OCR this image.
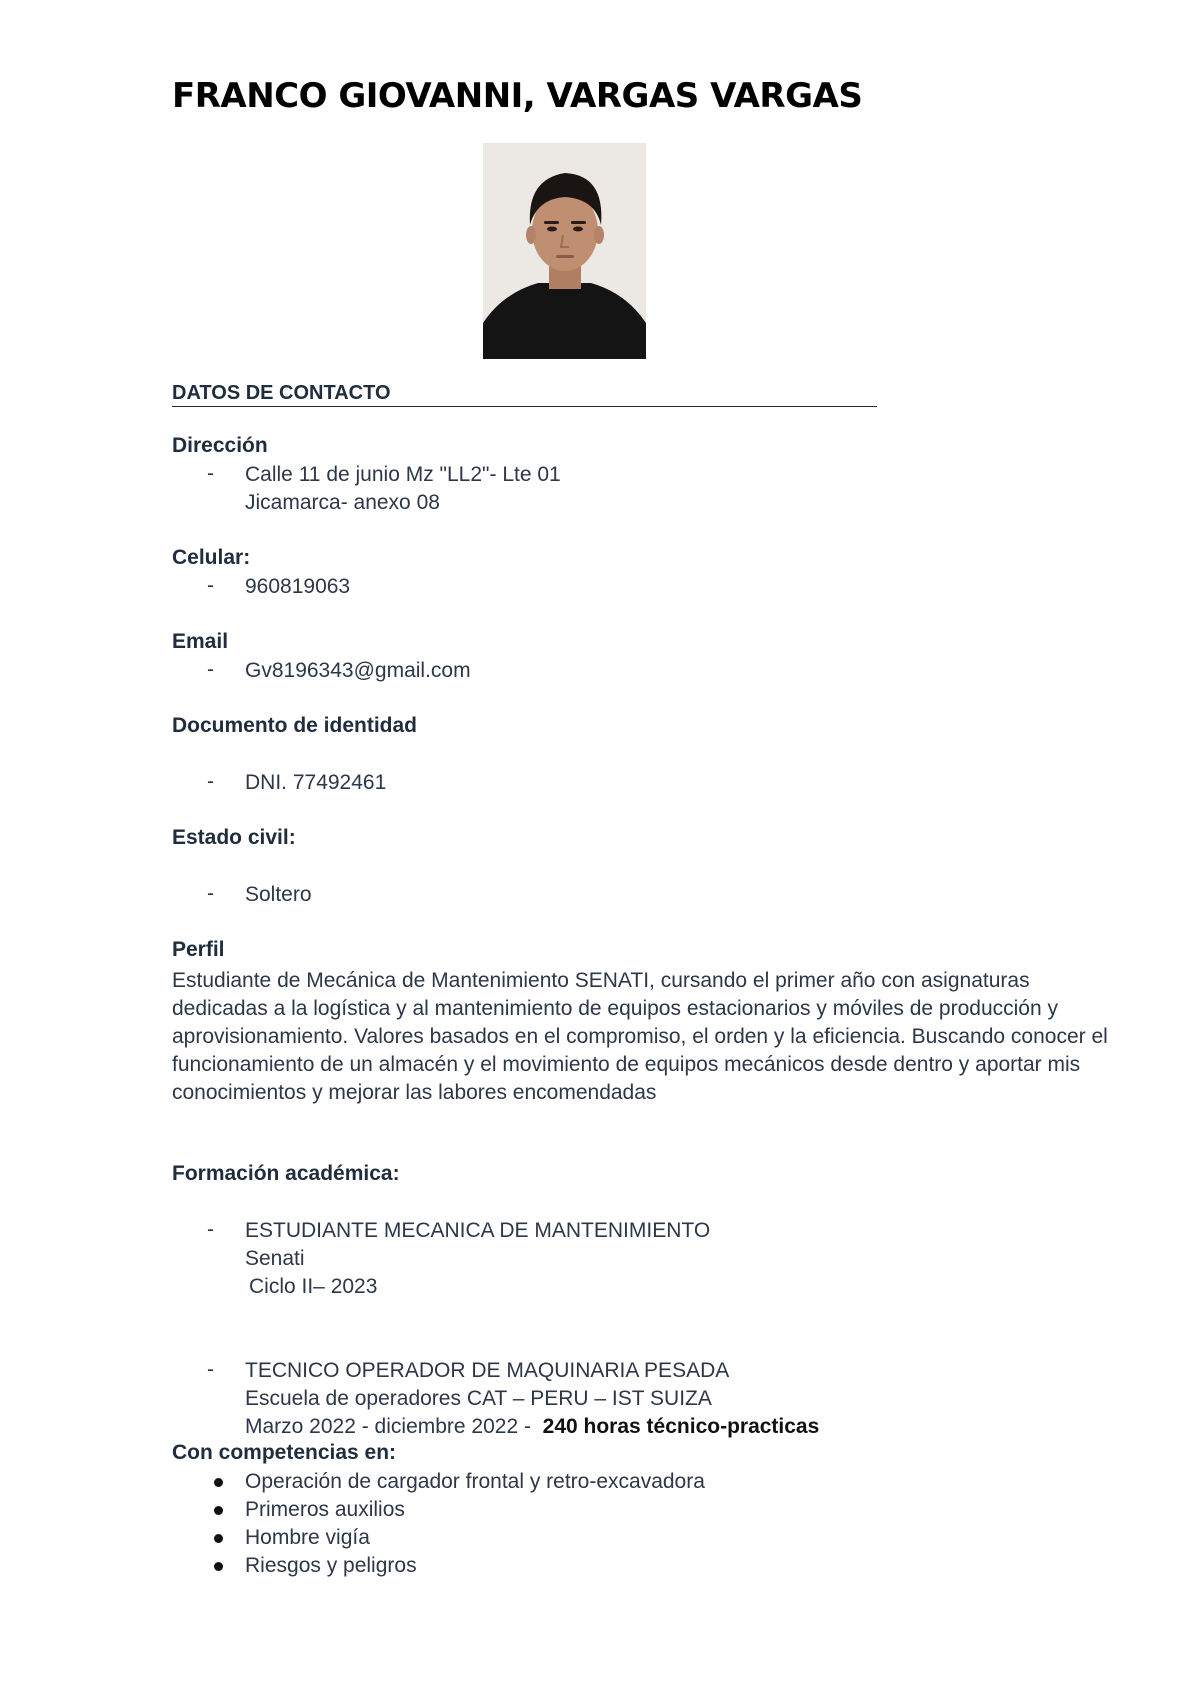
FRANCO GIOVANNI, VARGAS VARGAS
DATOS DE CONTACTO
Dirección
- Calle 11 de junio Mz "LL2"- Lte 01
Jicamarca- anexo 08
Celular:
- 960819063
Email
- Gv8196343@gmail.com
Documento de identidad
- DNI. 77492461
Estado civil:
- Soltero
Perfil

Estudiante de Mecánica de Mantenimiento SENATI, cursando el primer año con asignaturas dedicadas a la logística y al mantenimiento de equipos estacionarios y móviles de producción y aprovisionamiento. Valores basados en el compromiso, el orden y la eficiencia. Buscando conocer el funcionamiento de un almacén y el movimiento de equipos mecánicos desde dentro y aportar mis conocimientos y mejorar las labores encomendadas

Formación académica:
- ESTUDIANTE MECANICA DE MANTENIMIENTO
Senati
Ciclo II– 2023
- TECNICO OPERADOR DE MAQUINARIA PESADA
Escuela de operadores CAT – PERU – IST SUIZA
Marzo 2022 - diciembre 2022 - 240 horas técnico-practicas
Con competencias en:
Operación de cargador frontal y retro-excavadora
Primeros auxilios
Hombre vigía
Riesgos y peligros
